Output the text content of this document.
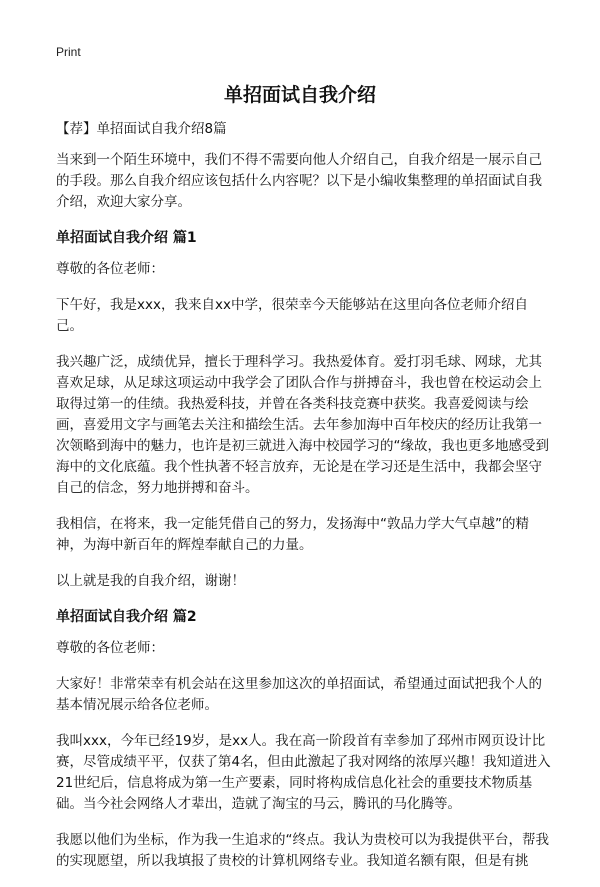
Print
单招面试自我介绍

【荐】单招面试自我介绍8篇

当来到一个陌生环境中，我们不得不需要向他人介绍自己，自我介绍是一展示自己的手段。那么自我介绍应该包括什么内容呢？以下是小编收集整理的单招面试自我介绍，欢迎大家分享。

单招面试自我介绍 篇1

尊敬的各位老师：

下午好，我是xxx，我来自xx中学，很荣幸今天能够站在这里向各位老师介绍自己。

我兴趣广泛，成绩优异，擅长于理科学习。我热爱体育。爱打羽毛球、网球，尤其喜欢足球，从足球这项运动中我学会了团队合作与拼搏奋斗，我也曾在校运动会上取得过第一的佳绩。我热爱科技，并曾在各类科技竞赛中获奖。我喜爱阅读与绘画，喜爱用文字与画笔去关注和描绘生活。去年参加海中百年校庆的经历让我第一次领略到海中的魅力，也许是初三就进入海中校园学习的“缘故，我也更多地感受到海中的文化底蕴。我个性执著不轻言放弃，无论是在学习还是生活中，我都会坚守自己的信念，努力地拼搏和奋斗。

我相信，在将来，我一定能凭借自己的努力，发扬海中“敦品力学大气卓越”的精神，为海中新百年的辉煌奉献自己的力量。

以上就是我的自我介绍，谢谢！

单招面试自我介绍 篇2

尊敬的各位老师：

大家好！非常荣幸有机会站在这里参加这次的单招面试，希望通过面试把我个人的基本情况展示给各位老师。

我叫xxx，今年已经19岁，是xx人。我在高一阶段首有幸参加了邳州市网页设计比赛，尽管成绩平平，仅获了第4名，但由此激起了我对网络的浓厚兴趣！我知道进入21世纪后，信息将成为第一生产要素，同时将构成信息化社会的重要技术物质基础。当今社会网络人才辈出，造就了淘宝的马云，腾讯的马化腾等。

我愿以他们为坐标，作为我一生追求的“终点。我认为贵校可以为我提供平台，帮我的实现愿望，所以我填报了贵校的计算机网络专业。我知道名额有限，但是有挑
